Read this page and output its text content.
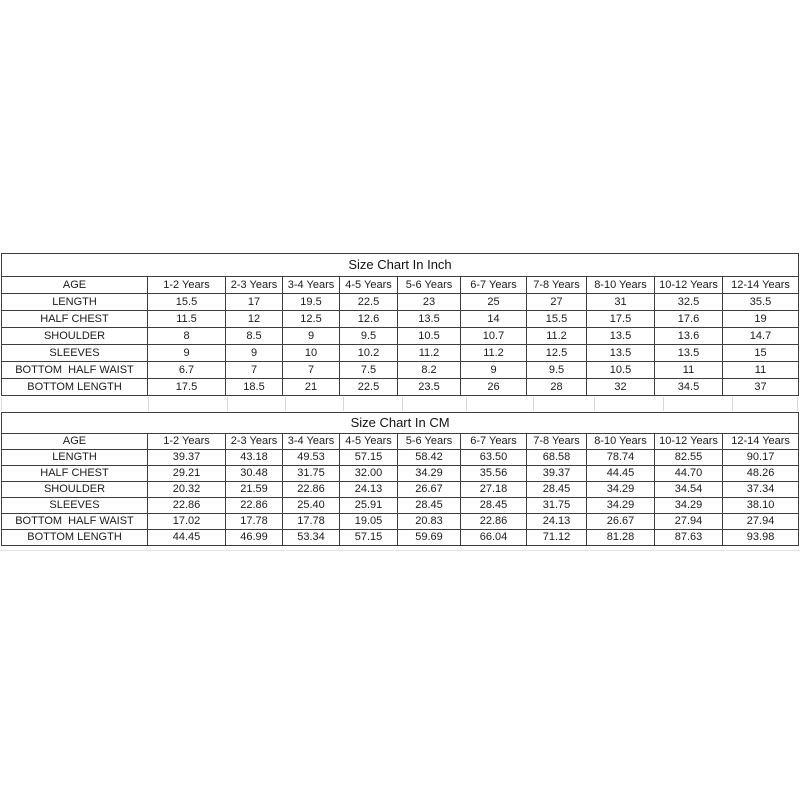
Size Chart In Inch										
AGE	1-2 Years	2-3 Years	3-4 Years	4-5 Years	5-6 Years	6-7 Years	7-8 Years	8-10 Years	10-12 Years	12-14 Years
LENGTH	15.5	17	19.5	22.5	23	25	27	31	32.5	35.5
HALF CHEST	11.5	12	12.5	12.6	13.5	14	15.5	17.5	17.6	19
SHOULDER	8	8.5	9	9.5	10.5	10.7	11.2	13.5	13.6	14.7
SLEEVES	9	9	10	10.2	11.2	11.2	12.5	13.5	13.5	15
BOTTOM  HALF WAIST	6.7	7	7	7.5	8.2	9	9.5	10.5	11	11
BOTTOM LENGTH	17.5	18.5	21	22.5	23.5	26	28	32	34.5	37
Size Chart In CM										
AGE	1-2 Years	2-3 Years	3-4 Years	4-5 Years	5-6 Years	6-7 Years	7-8 Years	8-10 Years	10-12 Years	12-14 Years
LENGTH	39.37	43.18	49.53	57.15	58.42	63.50	68.58	78.74	82.55	90.17
HALF CHEST	29.21	30.48	31.75	32.00	34.29	35.56	39.37	44.45	44.70	48.26
SHOULDER	20.32	21.59	22.86	24.13	26.67	27.18	28.45	34.29	34.54	37.34
SLEEVES	22.86	22.86	25.40	25.91	28.45	28.45	31.75	34.29	34.29	38.10
BOTTOM  HALF WAIST	17.02	17.78	17.78	19.05	20.83	22.86	24.13	26.67	27.94	27.94
BOTTOM LENGTH	44.45	46.99	53.34	57.15	59.69	66.04	71.12	81.28	87.63	93.98
